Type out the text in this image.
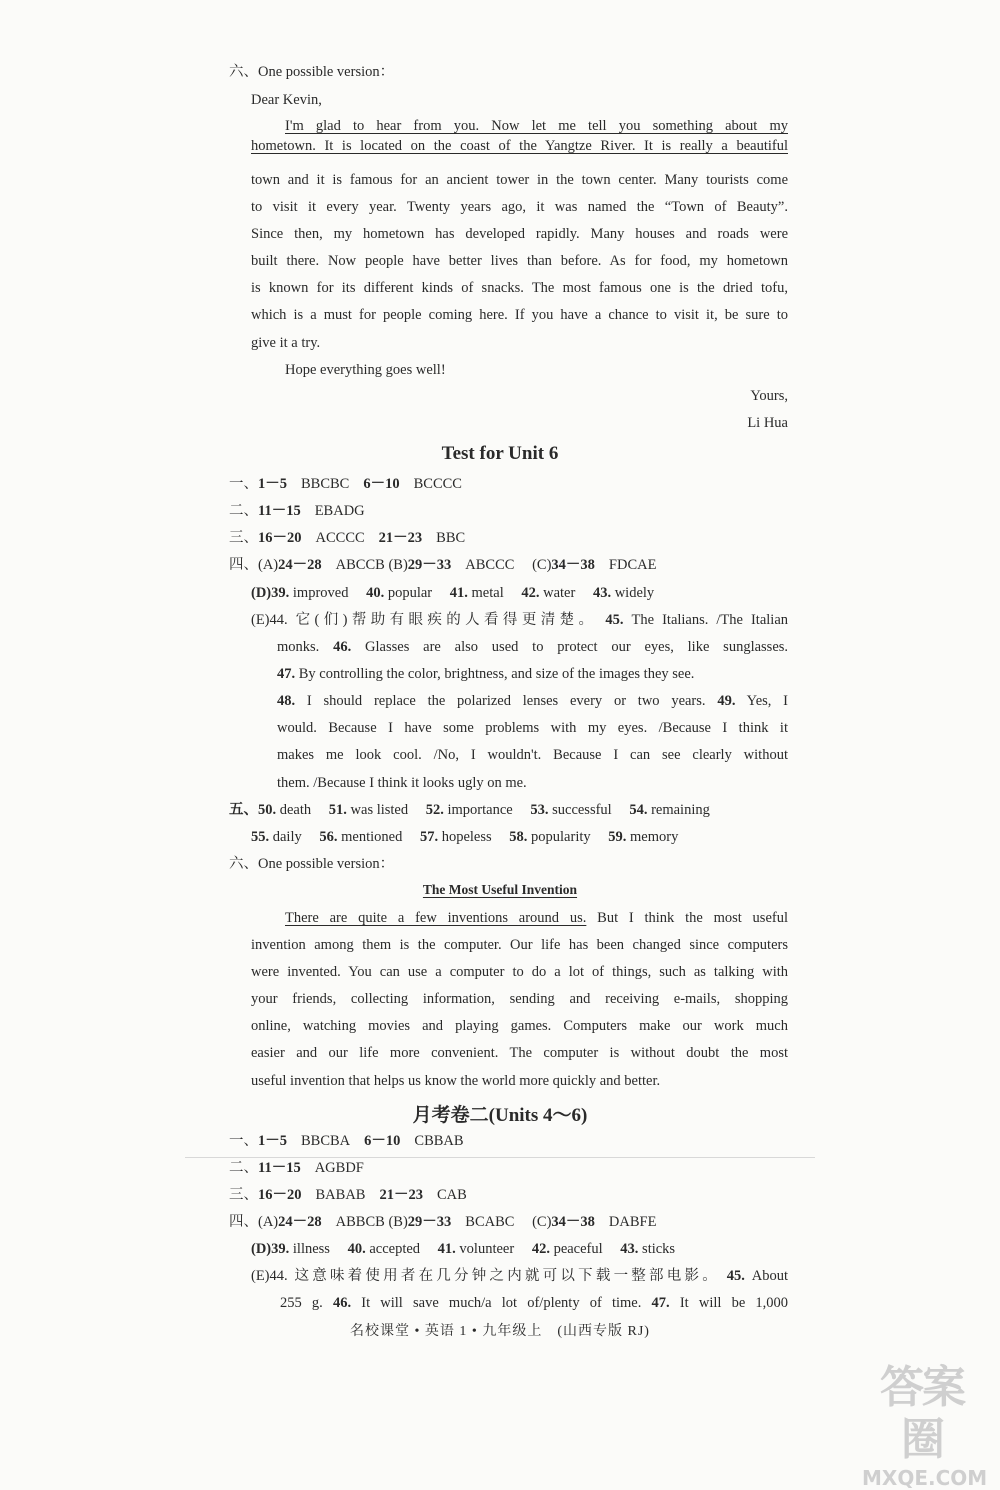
六、One possible version：
Dear Kevin,
I'm glad to hear from you. Now let me tell you something about my
hometown. It is located on the coast of the Yangtze River. It is really a beautiful
town and it is famous for an ancient tower in the town center. Many tourists come
to visit it every year. Twenty years ago, it was named the “Town of Beauty”.
Since then, my hometown has developed rapidly. Many houses and roads were
built there. Now people have better lives than before. As for food, my hometown
is known for its different kinds of snacks. The most famous one is the dried tofu,
which is a must for people coming here. If you have a chance to visit it, be sure to
give it a try.
Hope everything goes well!
Yours,
Li Hua
Test for Unit 6
一、1－5 BBCBC 6－10 BCCCC
二、11－15 EBADG
三、16－20 ACCCC 21－23 BBC
四、(A)24－28 ABCCB (B)29－33 ABCCC (C)34－38 FDCAE
(D)39. improved 40. popular 41. metal 42. water 43. widely
(E)44. 它(们)帮助有眼疾的人看得更清楚。 45. The Italians. /The Italian
monks. 46. Glasses are also used to protect our eyes, like sunglasses.
47. By controlling the color, brightness, and size of the images they see.
48. I should replace the polarized lenses every or two years. 49. Yes, I
would. Because I have some problems with my eyes. /Because I think it
makes me look cool. /No, I wouldn't. Because I can see clearly without
them. /Because I think it looks ugly on me.
五、50. death 51. was listed 52. importance 53. successful 54. remaining
55. daily 56. mentioned 57. hopeless 58. popularity 59. memory
六、One possible version：
The Most Useful Invention
There are quite a few inventions around us. But I think the most useful
invention among them is the computer. Our life has been changed since computers
were invented. You can use a computer to do a lot of things, such as talking with
your friends, collecting information, sending and receiving e-mails, shopping
online, watching movies and playing games. Computers make our work much
easier and our life more convenient. The computer is without doubt the most
useful invention that helps us know the world more quickly and better.
月考卷二(Units 4～6)
一、1－5 BBCBA 6－10 CBBAB
二、11－15 AGBDF
三、16－20 BABAB 21－23 CAB
四、(A)24－28 ABBCB (B)29－33 BCABC (C)34－38 DABFE
(D)39. illness 40. accepted 41. volunteer 42. peaceful 43. sticks
(E)44. 这意味着使用者在几分钟之内就可以下载一整部电影。 45. About
255 g. 46. It will save much/a lot of/plenty of time. 47. It will be 1,000
名校课堂 • 英语 1 • 九年级上　(山西专版 RJ)
答案圈
MXQE.COM
